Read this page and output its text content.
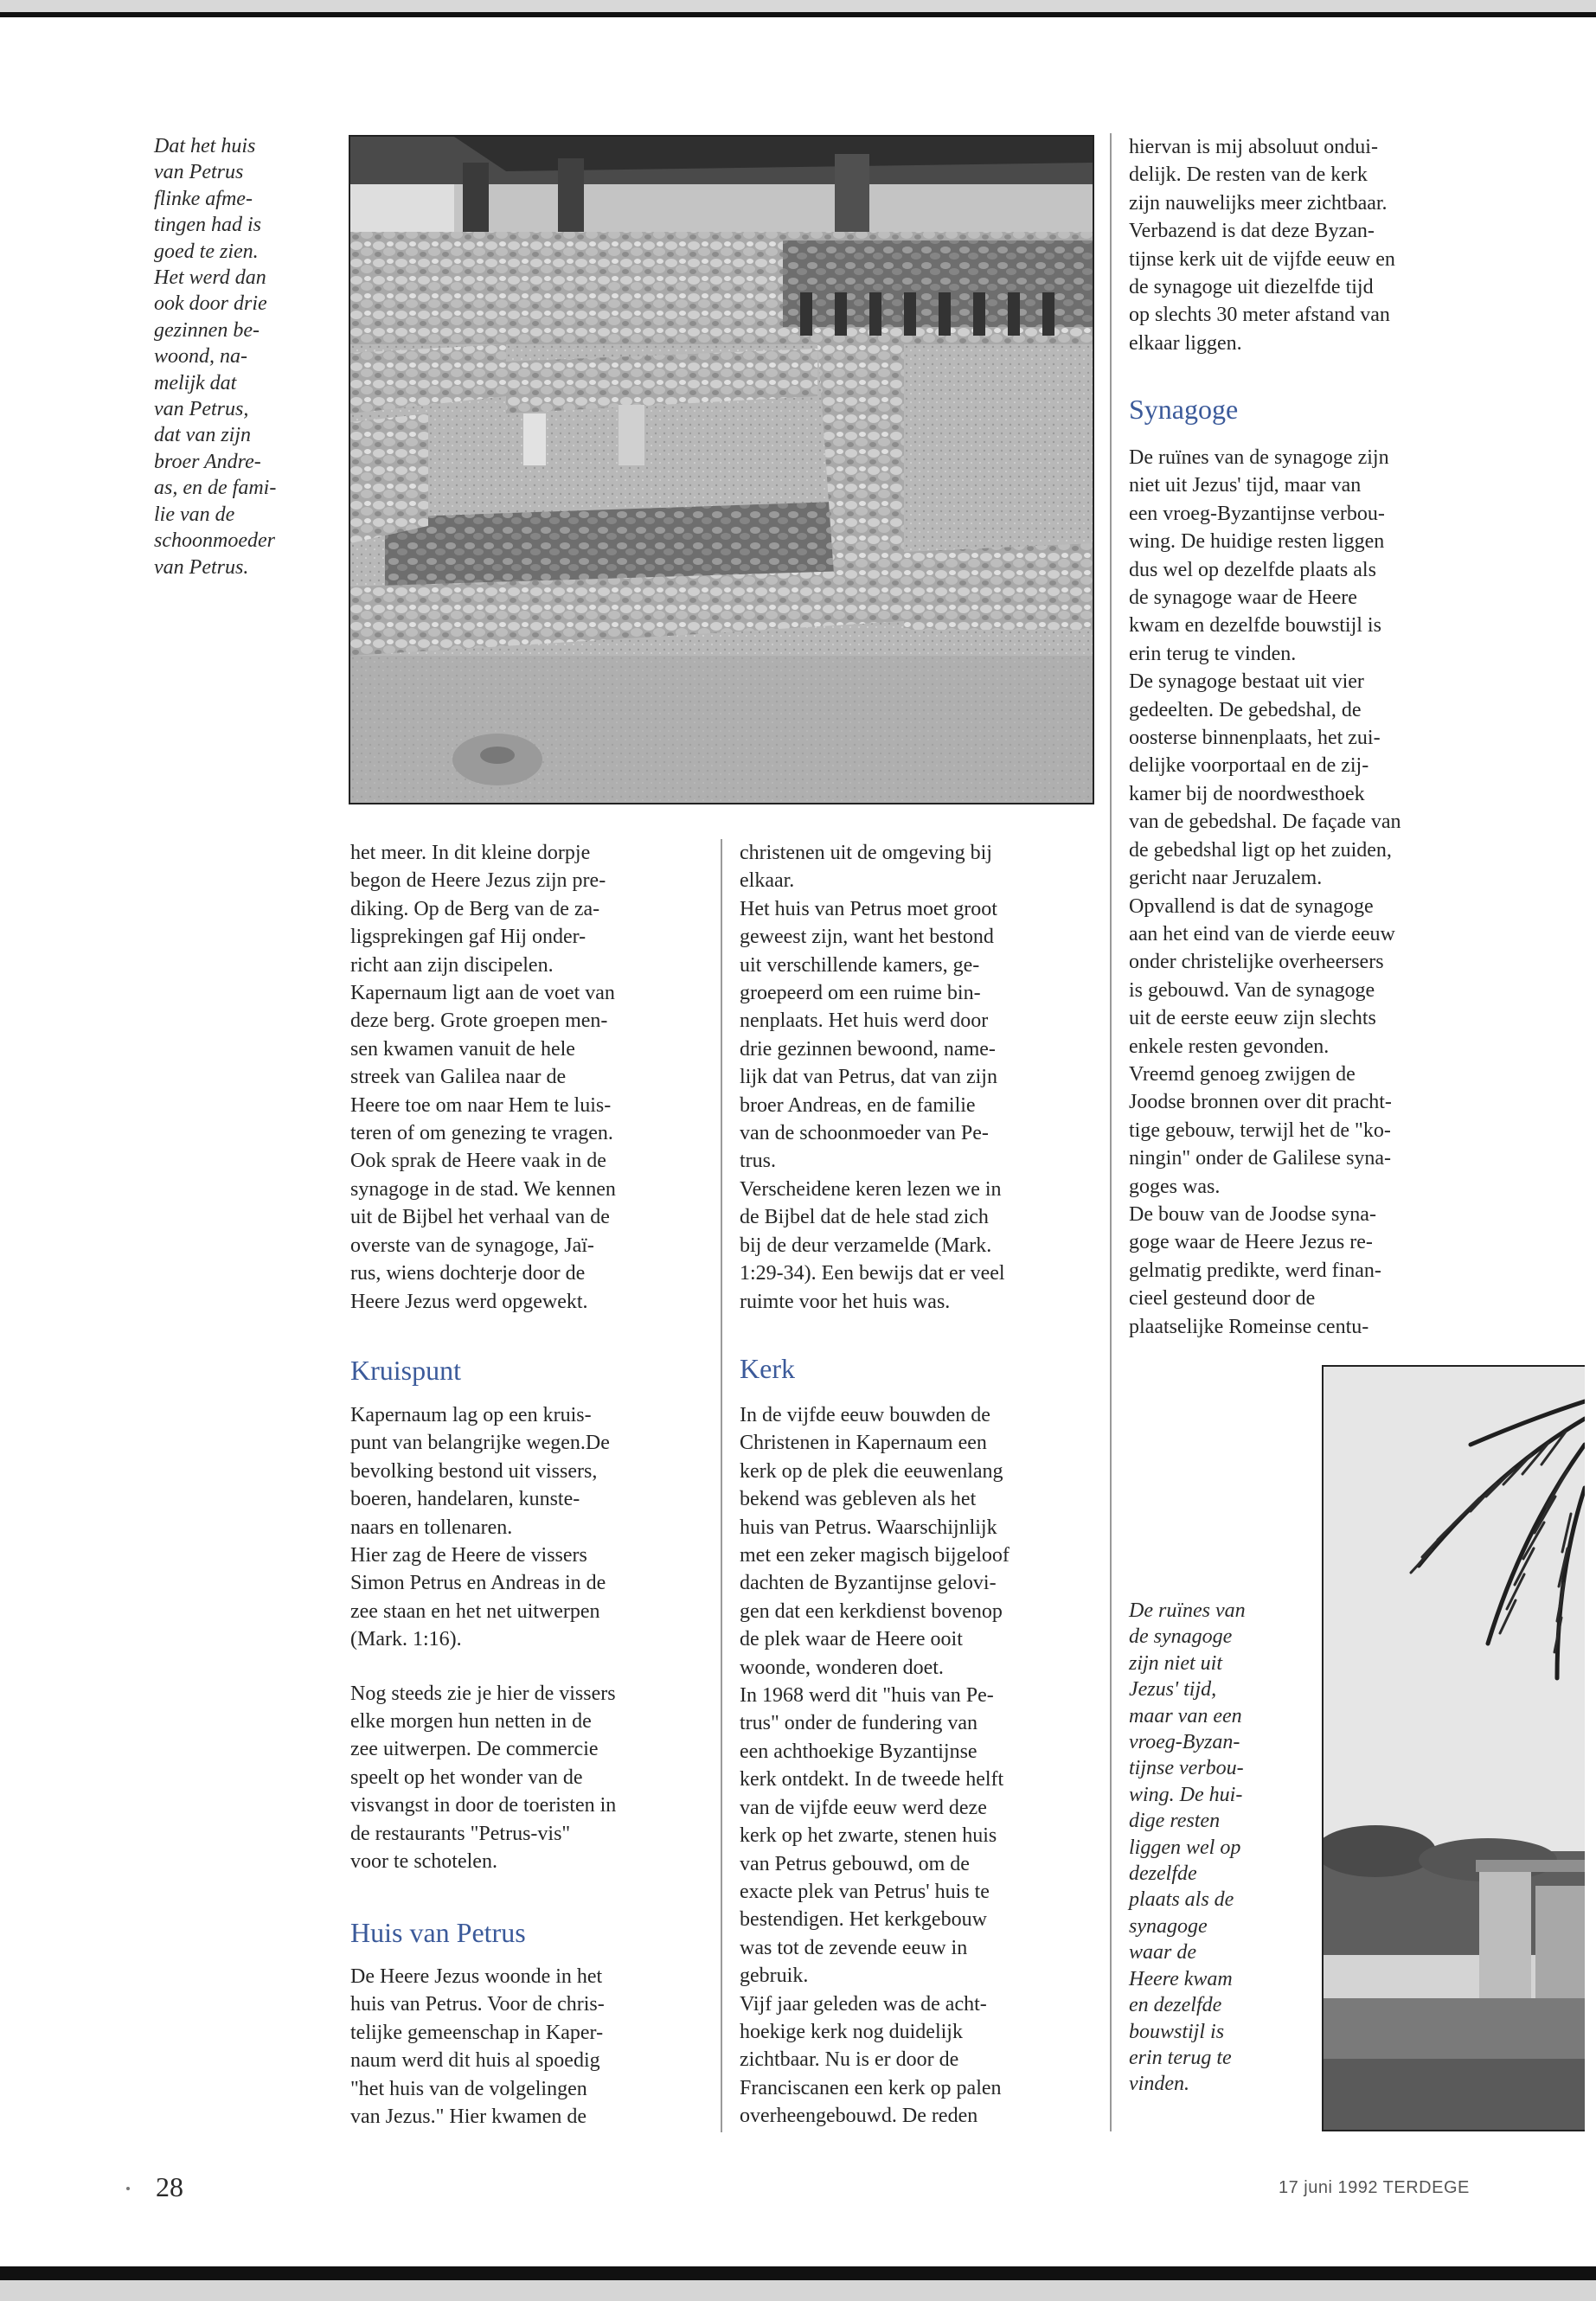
Dat het huis
van Petrus
flinke afme-
tingen had is
goed te zien.
Het werd dan
ook door drie
gezinnen be-
woond, na-
melijk dat
van Petrus,
dat van zijn
broer Andre-
as, en de fami-
lie van de
schoonmoeder
van Petrus.

het meer. In dit kleine dorpje
begon de Heere Jezus zijn pre-
diking. Op de Berg van de za-
ligsprekingen gaf Hij onder-
richt aan zijn discipelen.
Kapernaum ligt aan de voet van
deze berg. Grote groepen men-
sen kwamen vanuit de hele
streek van Galilea naar de
Heere toe om naar Hem te luis-
teren of om genezing te vragen.
Ook sprak de Heere vaak in de
synagoge in de stad. We kennen
uit de Bijbel het verhaal van de
overste van de synagoge, Jaï-
rus, wiens dochterje door de
Heere Jezus werd opgewekt.

Kruispunt

Kapernaum lag op een kruis-
punt van belangrijke wegen.De
bevolking bestond uit vissers,
boeren, handelaren, kunste-
naars en tollenaren.
Hier zag de Heere de vissers
Simon Petrus en Andreas in de
zee staan en het net uitwerpen
(Mark. 1:16).

Nog steeds zie je hier de vissers
elke morgen hun netten in de
zee uitwerpen. De commercie
speelt op het wonder van de
visvangst in door de toeristen in
de restaurants "Petrus-vis"
voor te schotelen.

Huis van Petrus

De Heere Jezus woonde in het
huis van Petrus. Voor de chris-
telijke gemeenschap in Kaper-
naum werd dit huis al spoedig
"het huis van de volgelingen
van Jezus." Hier kwamen de

christenen uit de omgeving bij
elkaar.
Het huis van Petrus moet groot
geweest zijn, want het bestond
uit verschillende kamers, ge-
groepeerd om een ruime bin-
nenplaats. Het huis werd door
drie gezinnen bewoond, name-
lijk dat van Petrus, dat van zijn
broer Andreas, en de familie
van de schoonmoeder van Pe-
trus.
Verscheidene keren lezen we in
de Bijbel dat de hele stad zich
bij de deur verzamelde (Mark.
1:29-34). Een bewijs dat er veel
ruimte voor het huis was.

Kerk

In de vijfde eeuw bouwden de
Christenen in Kapernaum een
kerk op de plek die eeuwenlang
bekend was gebleven als het
huis van Petrus. Waarschijnlijk
met een zeker magisch bijgeloof
dachten de Byzantijnse gelovi-
gen dat een kerkdienst bovenop
de plek waar de Heere ooit
woonde, wonderen doet.
In 1968 werd dit "huis van Pe-
trus" onder de fundering van
een achthoekige Byzantijnse
kerk ontdekt. In de tweede helft
van de vijfde eeuw werd deze
kerk op het zwarte, stenen huis
van Petrus gebouwd, om de
exacte plek van Petrus' huis te
bestendigen. Het kerkgebouw
was tot de zevende eeuw in
gebruik.
Vijf jaar geleden was de acht-
hoekige kerk nog duidelijk
zichtbaar. Nu is er door de
Franciscanen een kerk op palen
overheengebouwd. De reden

hiervan is mij absoluut ondui-
delijk. De resten van de kerk
zijn nauwelijks meer zichtbaar.
Verbazend is dat deze Byzan-
tijnse kerk uit de vijfde eeuw en
de synagoge uit diezelfde tijd
op slechts 30 meter afstand van
elkaar liggen.

Synagoge

De ruïnes van de synagoge zijn
niet uit Jezus' tijd, maar van
een vroeg-Byzantijnse verbou-
wing. De huidige resten liggen
dus wel op dezelfde plaats als
de synagoge waar de Heere
kwam en dezelfde bouwstijl is
erin terug te vinden.
De synagoge bestaat uit vier
gedeelten. De gebedshal, de
oosterse binnenplaats, het zui-
delijke voorportaal en de zij-
kamer bij de noordwesthoek
van de gebedshal. De façade van
de gebedshal ligt op het zuiden,
gericht naar Jeruzalem.
Opvallend is dat de synagoge
aan het eind van de vierde eeuw
onder christelijke overheersers
is gebouwd. Van de synagoge
uit de eerste eeuw zijn slechts
enkele resten gevonden.
Vreemd genoeg zwijgen de
Joodse bronnen over dit pracht-
tige gebouw, terwijl het de "ko-
ningin" onder de Galilese syna-
goges was.
De bouw van de Joodse syna-
goge waar de Heere Jezus re-
gelmatig predikte, werd finan-
cieel gesteund door de
plaatselijke Romeinse centu-

De ruïnes van
de synagoge
zijn niet uit
Jezus' tijd,
maar van een
vroeg-Byzan-
tijnse verbou-
wing. De hui-
dige resten
liggen wel op
dezelfde
plaats als de
synagoge
waar de
Heere kwam
en dezelfde
bouwstijl is
erin terug te
vinden.

28	17 juni 1992 TERDEGE
